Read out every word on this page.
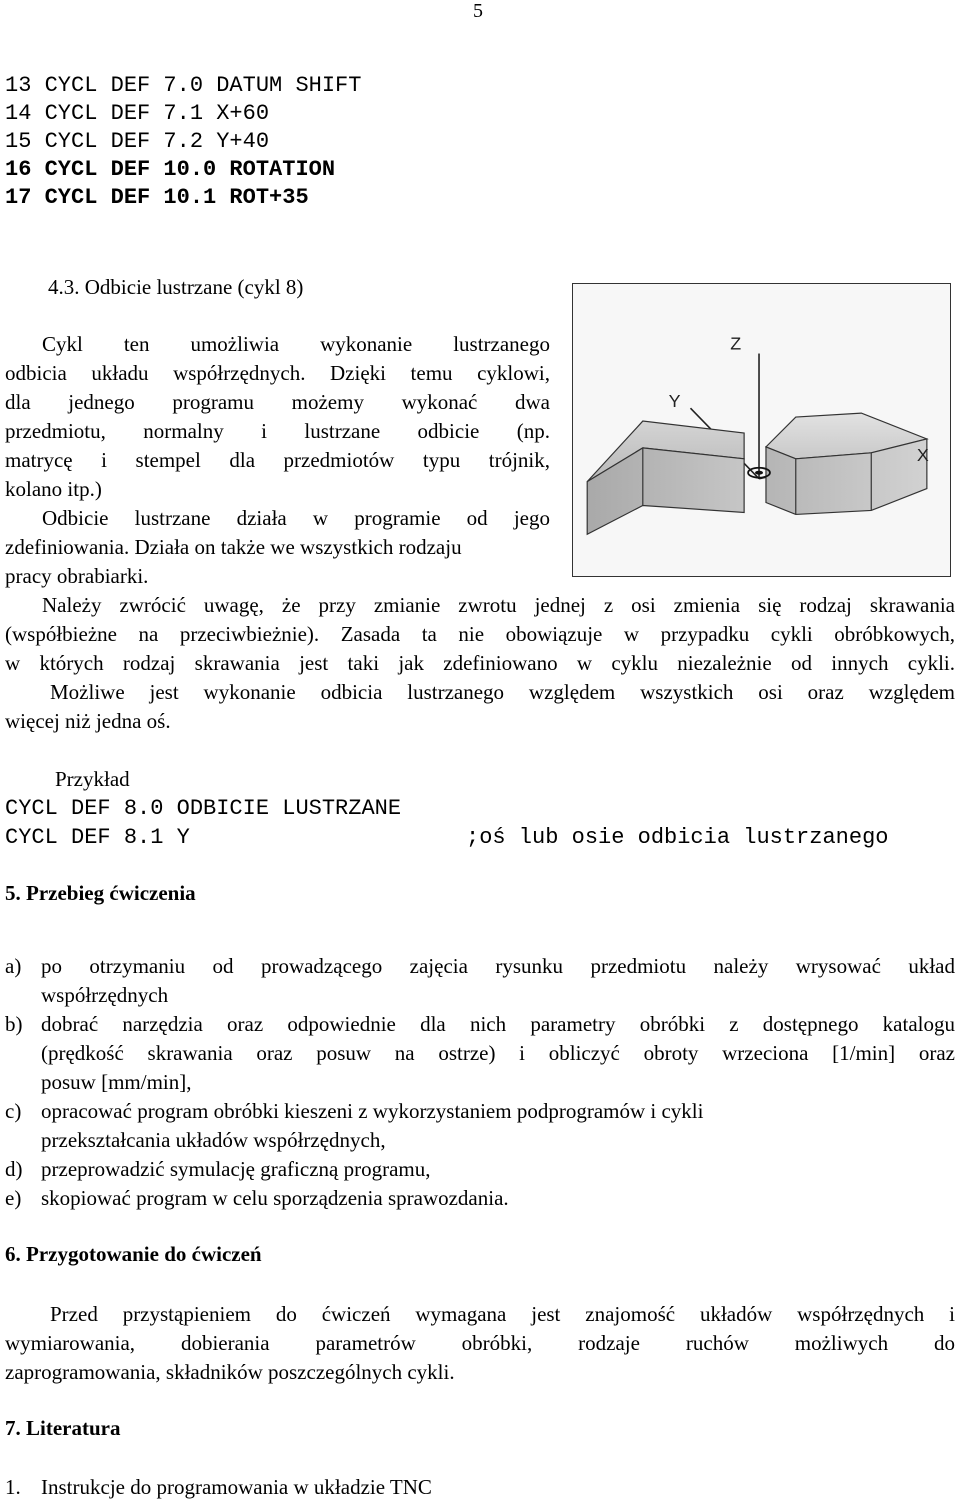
5
13 CYCL DEF 7.0 DATUM SHIFT
14 CYCL DEF 7.1 X+60
15 CYCL DEF 7.2 Y+40
16 CYCL DEF 10.0 ROTATION
17 CYCL DEF 10.1 ROT+35
4.3. Odbicie lustrzane (cykl 8)
Cykl ten umożliwia wykonanie lustrzanego
odbicia układu współrzędnych. Dzięki temu cyklowi,
dla jednego programu możemy wykonać dwa
przedmiotu, normalny i lustrzane odbicie (np.
matrycę i stempel dla przedmiotów typu trójnik,
kolano itp.)
Odbicie lustrzane działa w programie od jego
zdefiniowania. Działa on także we wszystkich rodzaju
pracy obrabiarki.
Z
Y
X
Należy zwrócić uwagę, że przy zmianie zwrotu jednej z osi zmienia się rodzaj skrawania
(współbieżne na przeciwbieżnie). Zasada ta nie obowiązuje w przypadku cykli obróbkowych,
w których rodzaj skrawania jest taki jak zdefiniowano w cyklu niezależnie od innych cykli.
Możliwe jest wykonanie odbicia lustrzanego względem wszystkich osi oraz względem
więcej niż jedna oś.
Przykład
CYCL DEF 8.0 ODBICIE LUSTRZANE
CYCL DEF 8.1 Y	;oś lub osie odbicia lustrzanego
5. Przebieg ćwiczenia
a) po otrzymaniu od prowadzącego zajęcia rysunku przedmiotu należy wrysować układ
współrzędnych
b) dobrać narzędzia oraz odpowiednie dla nich parametry obróbki z dostępnego katalogu
(prędkość skrawania oraz posuw na ostrze) i obliczyć obroty wrzeciona [1/min] oraz
posuw [mm/min],
c) opracować program obróbki kieszeni z wykorzystaniem podprogramów i cykli
przekształcania układów współrzędnych,
d) przeprowadzić symulację graficzną programu,
e) skopiować program w celu sporządzenia sprawozdania.
6. Przygotowanie do ćwiczeń
Przed przystąpieniem do ćwiczeń wymagana jest znajomość układów współrzędnych i
wymiarowania, dobierania parametrów obróbki, rodzaje ruchów możliwych do
zaprogramowania, składników poszczególnych cykli.
7. Literatura
1. Instrukcje do programowania w układzie TNC
